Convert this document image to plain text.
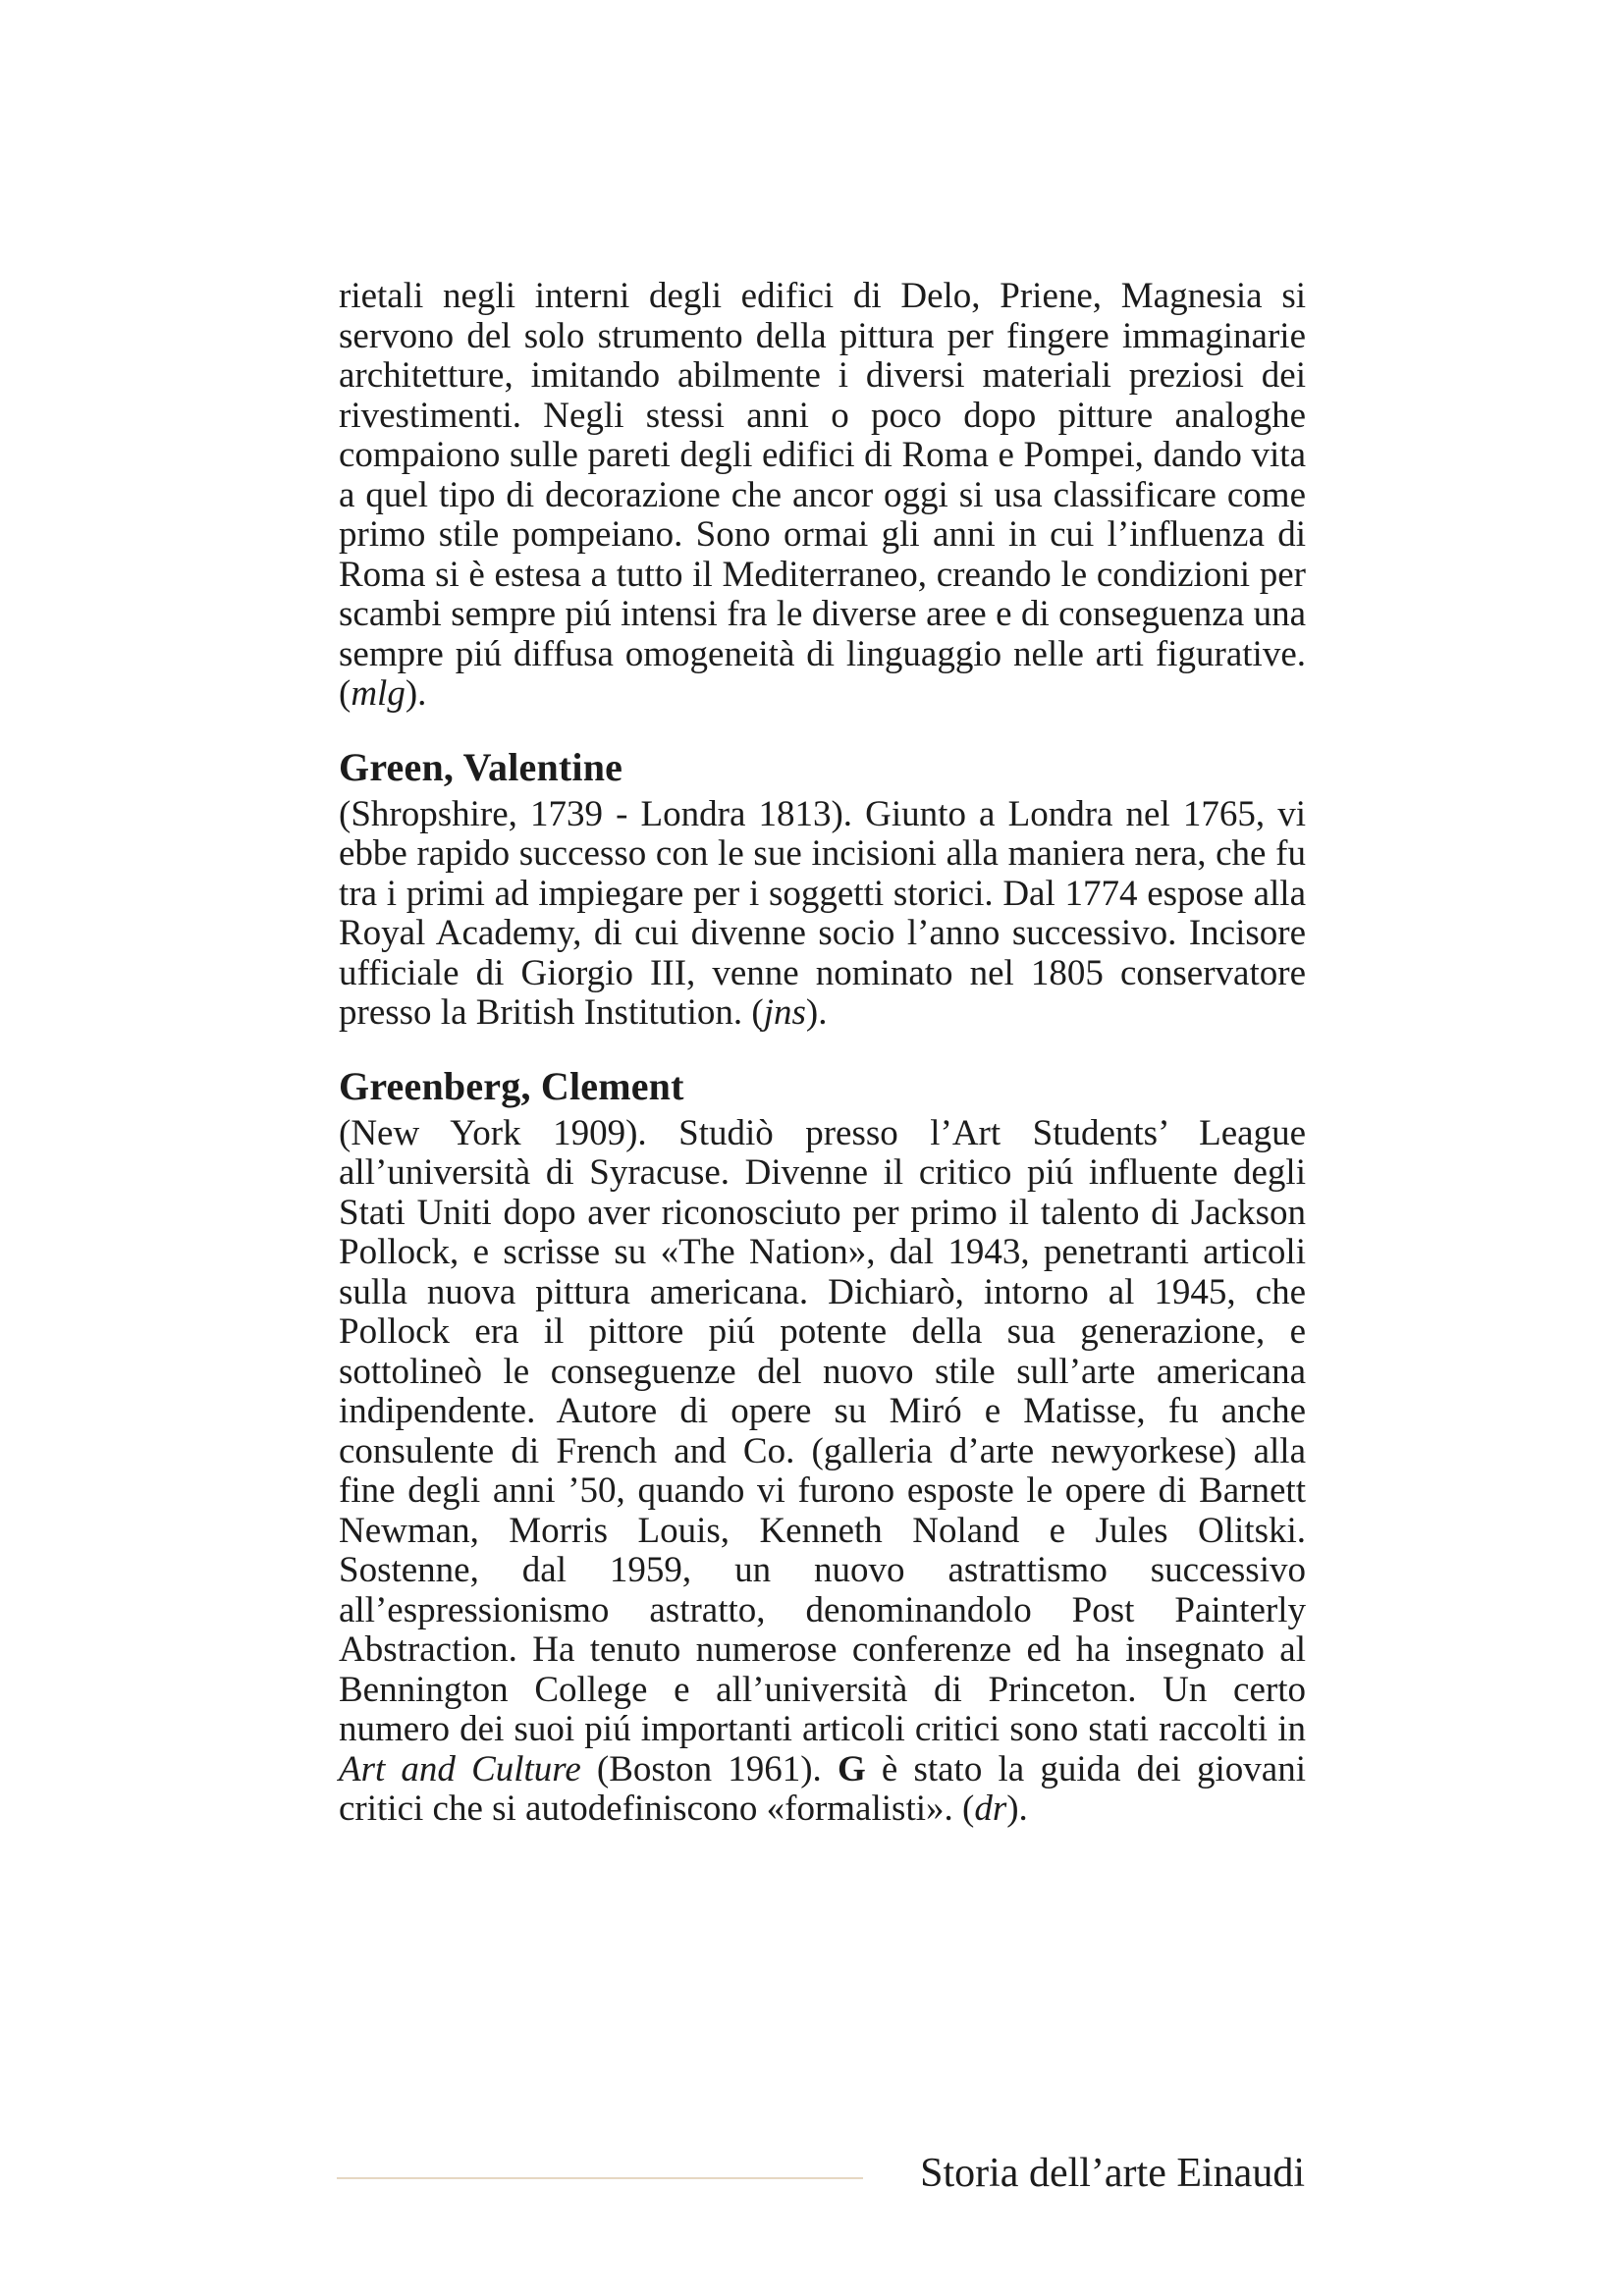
rietali negli interni degli edifici di Delo, Priene, Magnesia si servono del solo strumento della pittura per fingere immaginarie architetture, imitando abilmente i diversi materiali preziosi dei rivestimenti. Negli stessi anni o poco dopo pitture analoghe compaiono sulle pareti degli edifici di Roma e Pompei, dando vita a quel tipo di decorazione che ancor oggi si usa classificare come primo stile pompeiano. Sono ormai gli anni in cui l’influenza di Roma si è estesa a tutto il Mediterraneo, creando le condizioni per scambi sempre piú intensi fra le diverse aree e di conseguenza una sempre piú diffusa omogeneità di linguaggio nelle arti figurative. (mlg).

Green, Valentine

(Shropshire, 1739 - Londra 1813). Giunto a Londra nel 1765, vi ebbe rapido successo con le sue incisioni alla maniera nera, che fu tra i primi ad impiegare per i soggetti storici. Dal 1774 espose alla Royal Academy, di cui divenne socio l’anno successivo. Incisore ufficiale di Giorgio III, venne nominato nel 1805 conservatore presso la British Institution. (jns).

Greenberg, Clement

(New York 1909). Studiò presso l’Art Students’ League all’università di Syracuse. Divenne il critico piú influente degli Stati Uniti dopo aver riconosciuto per primo il talento di Jackson Pollock, e scrisse su «The Nation», dal 1943, penetranti articoli sulla nuova pittura americana. Dichiarò, intorno al 1945, che Pollock era il pittore piú potente della sua generazione, e sottolineò le conseguenze del nuovo stile sull’arte americana indipendente. Autore di opere su Miró e Matisse, fu anche consulente di French and Co. (galleria d’arte newyorkese) alla fine degli anni ’50, quando vi furono esposte le opere di Barnett Newman, Morris Louis, Kenneth Noland e Jules Olitski. Sostenne, dal 1959, un nuovo astrattismo successivo all’espressionismo astratto, denominandolo Post Painterly Abstraction. Ha tenuto numerose conferenze ed ha insegnato al Bennington College e all’università di Princeton. Un certo numero dei suoi piú importanti articoli critici sono stati raccolti in Art and Culture (Boston 1961). G è stato la guida dei giovani critici che si autodefiniscono «formalisti». (dr).

Storia dell’arte Einaudi
